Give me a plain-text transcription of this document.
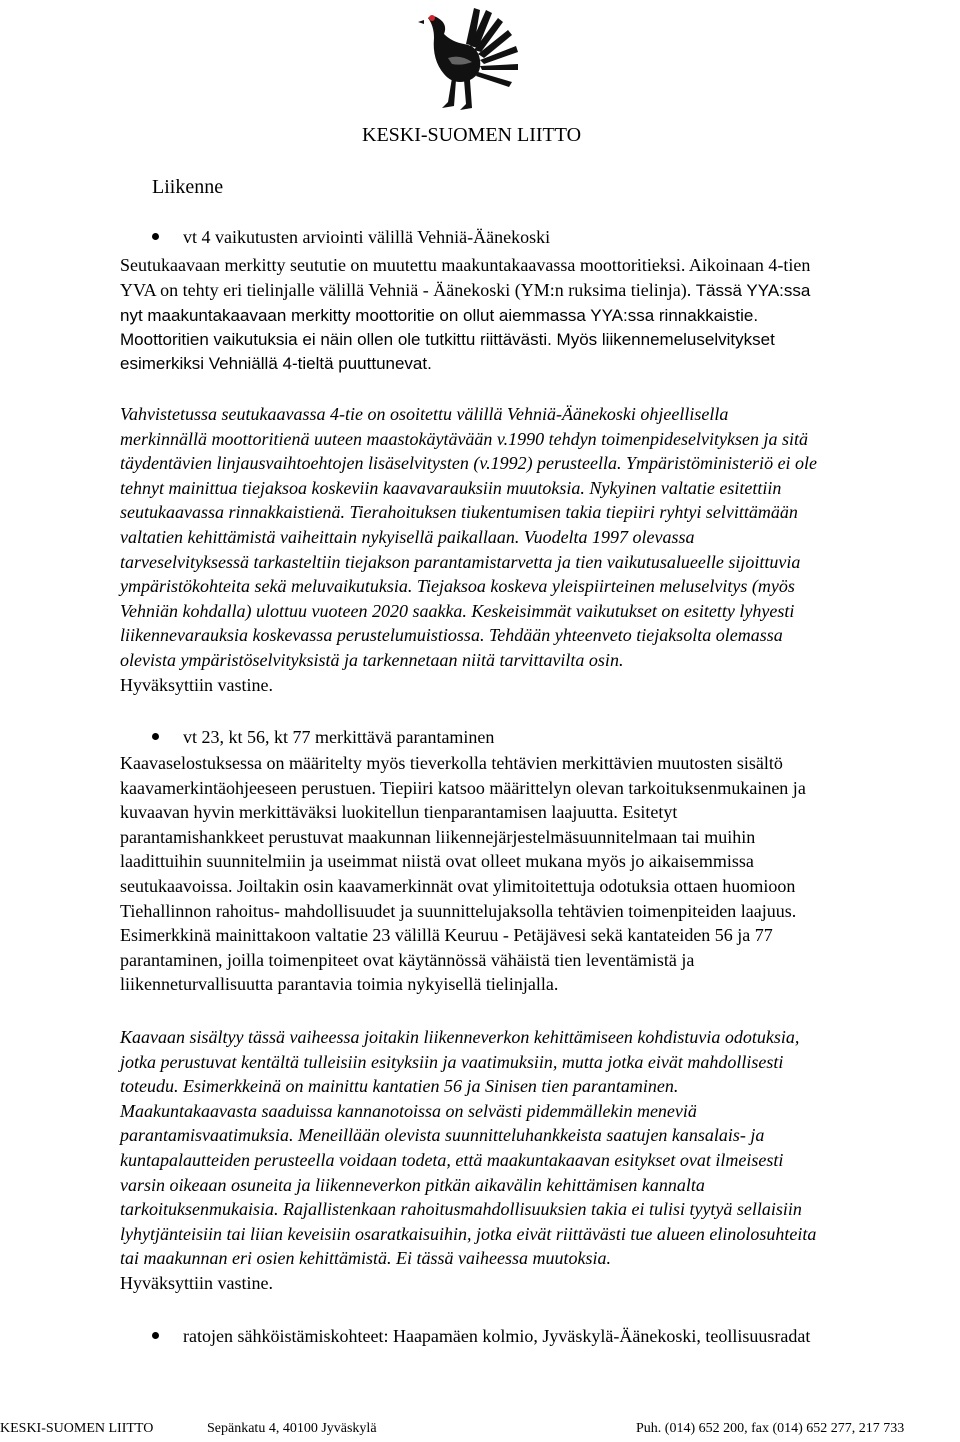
KESKI-SUOMEN LIITTO
Liikenne
vt 4 vaikutusten arviointi välillä Vehniä-Äänekoski
Seutukaavaan merkitty seututie on muutettu maakuntakaavassa moottoritieksi. Aikoinaan 4-tien
YVA on tehty eri tielinjalle välillä Vehniä - Äänekoski (YM:n ruksima tielinja). Tässä YYA:ssa
nyt maakuntakaavaan merkitty moottoritie on ollut aiemmassa YYA:ssa rinnakkaistie.
Moottoritien vaikutuksia ei näin ollen ole tutkittu riittävästi. Myös liikennemeluselvitykset
esimerkiksi Vehniällä 4-tieltä puuttunevat.
Vahvistetussa seutukaavassa 4-tie on osoitettu välillä Vehniä-Äänekoski ohjeellisella
merkinnällä moottoritienä uuteen maastokäytävään v.1990 tehdyn toimenpideselvityksen ja sitä
täydentävien linjausvaihtoehtojen lisäselvitysten (v.1992) perusteella. Ympäristöministeriö ei ole
tehnyt mainittua tiejaksoa koskeviin kaavavarauksiin muutoksia. Nykyinen valtatie esitettiin
seutukaavassa rinnakkaistienä. Tierahoituksen tiukentumisen takia tiepiiri ryhtyi selvittämään
valtatien kehittämistä vaiheittain nykyisellä paikallaan. Vuodelta 1997 olevassa
tarveselvityksessä tarkasteltiin tiejakson parantamistarvetta ja tien vaikutusalueelle sijoittuvia
ympäristökohteita sekä meluvaikutuksia. Tiejaksoa koskeva yleispiirteinen meluselvitys (myös
Vehniän kohdalla) ulottuu vuoteen 2020 saakka. Keskeisimmät vaikutukset on esitetty lyhyesti
liikennevarauksia koskevassa perustelumuistiossa. Tehdään yhteenveto tiejaksolta olemassa
olevista ympäristöselvityksistä ja tarkennetaan niitä tarvittavilta osin.
Hyväksyttiin vastine.
vt 23, kt 56, kt 77 merkittävä parantaminen
Kaavaselostuksessa on määritelty myös tieverkolla tehtävien merkittävien muutosten sisältö
kaavamerkintäohjeeseen perustuen. Tiepiiri katsoo määrittelyn olevan tarkoituksenmukainen ja
kuvaavan hyvin merkittäväksi luokitellun tienparantamisen laajuutta. Esitetyt
parantamishankkeet perustuvat maakunnan liikennejärjestelmäsuunnitelmaan tai muihin
laadittuihin suunnitelmiin ja useimmat niistä ovat olleet mukana myös jo aikaisemmissa
seutukaavoissa. Joiltakin osin kaavamerkinnät ovat ylimitoitettuja odotuksia ottaen huomioon
Tiehallinnon rahoitus- mahdollisuudet ja suunnittelujaksolla tehtävien toimenpiteiden laajuus.
Esimerkkinä mainittakoon valtatie 23 välillä Keuruu - Petäjävesi sekä kantateiden 56 ja 77
parantaminen, joilla toimenpiteet ovat käytännössä vähäistä tien leventämistä ja
liikenneturvallisuutta parantavia toimia nykyisellä tielinjalla.
Kaavaan sisältyy tässä vaiheessa joitakin liikenneverkon kehittämiseen kohdistuvia odotuksia,
jotka perustuvat kentältä tulleisiin esityksiin ja vaatimuksiin, mutta jotka eivät mahdollisesti
toteudu. Esimerkkeinä on mainittu kantatien 56 ja Sinisen tien parantaminen.
Maakuntakaavasta saaduissa kannanotoissa on selvästi pidemmällekin meneviä
parantamisvaatimuksia. Meneillään olevista suunnitteluhankkeista saatujen kansalais- ja
kuntapalautteiden perusteella voidaan todeta, että maakuntakaavan esitykset ovat ilmeisesti
varsin oikeaan osuneita ja liikenneverkon pitkän aikavälin kehittämisen kannalta
tarkoituksenmukaisia. Rajallistenkaan rahoitusmahdollisuuksien takia ei tulisi tyytyä sellaisiin
lyhytjänteisiin tai liian keveisiin osaratkaisuihin, jotka eivät riittävästi tue alueen elinolosuhteita
tai maakunnan eri osien kehittämistä. Ei tässä vaiheessa muutoksia.
Hyväksyttiin vastine.
ratojen sähköistämiskohteet: Haapamäen kolmio, Jyväskylä-Äänekoski, teollisuusradat
KESKI-SUOMEN LIITTO	Sepänkatu 4, 40100 Jyväskylä	Puh. (014) 652 200, fax (014) 652 277, 217 733
